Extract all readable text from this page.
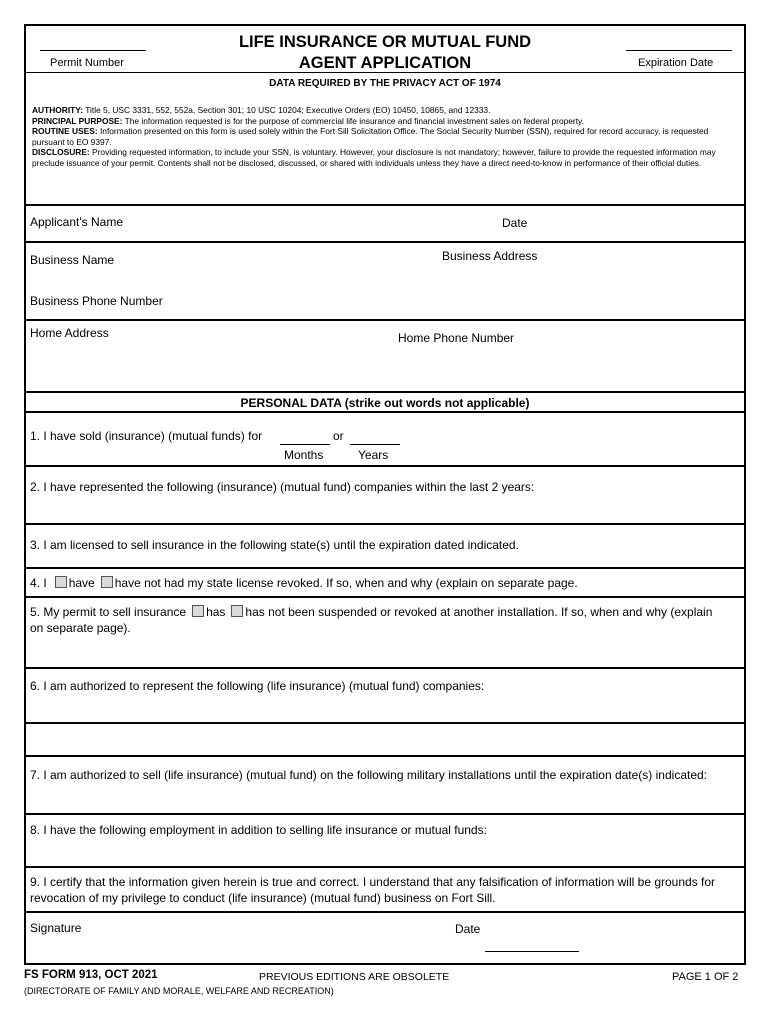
Permit Number
LIFE INSURANCE OR MUTUAL FUND
AGENT APPLICATION	Expiration Date
DATA REQUIRED BY THE PRIVACY ACT OF 1974
AUTHORITY: Title 5, USC 3331, 552, 552a, Section 301; 10 USC 10204; Executive Orders (EO) 10450, 10865, and 12333.
PRINCIPAL PURPOSE: The information requested is for the purpose of commercial life insurance and financial investment sales on federal property.
ROUTINE USES: Information presented on this form is used solely within the Fort Sill Solicitation Office. The Social Security Number (SSN), required for record accuracy, is requested pursuant to EO 9397.
DISCLOSURE: Providing requested information, to include your SSN, is voluntary. However, your disclosure is not mandatory; however, failure to provide the requested information may preclude issuance of your permit. Contents shall not be disclosed, discussed, or shared with individuals unless they have a direct need-to-know in performance of their official duties.
Applicant's Name	Date
Business Name	Business Address
Business Phone Number
Home Address	Home Phone Number
PERSONAL DATA (strike out words not applicable)
1. I have sold (insurance) (mutual funds) for	or
Months	Years
2. I have represented the following (insurance) (mutual fund) companies within the last 2 years:
3. I am licensed to sell insurance in the following state(s) until the expiration dated indicated.
4. I have have not had my state license revoked. If so, when and why (explain on separate page.
5. My permit to sell insurance has has not been suspended or revoked at another installation. If so, when and why (explain on separate page).
6. I am authorized to represent the following (life insurance) (mutual fund) companies:
7. I am authorized to sell (life insurance) (mutual fund) on the following military installations until the expiration date(s) indicated:
8. I have the following employment in addition to selling life insurance or mutual funds:
9. I certify that the information given herein is true and correct. I understand that any falsification of information will be grounds for revocation of my privilege to conduct (life insurance) (mutual fund) business on Fort Sill.
Signature	Date
FS FORM 913, OCT 2021	PREVIOUS EDITIONS ARE OBSOLETE	PAGE 1 OF 2
(DIRECTORATE OF FAMILY AND MORALE, WELFARE AND RECREATION)
